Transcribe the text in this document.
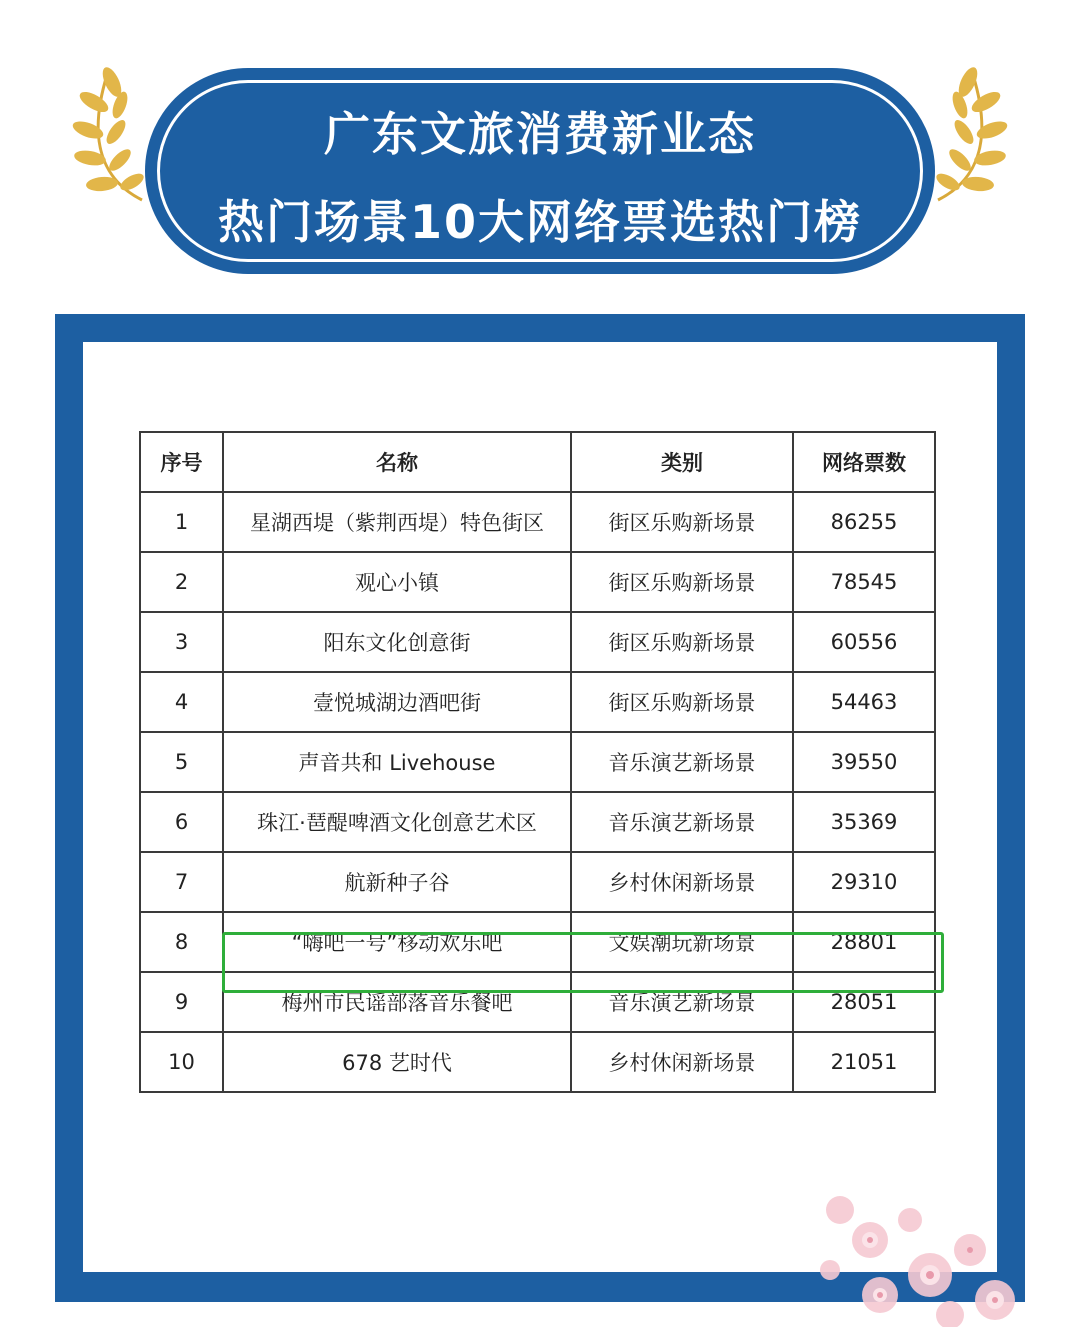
广东文旅消费新业态
热门场景10大网络票选热门榜
序号	名称	类别	网络票数
1	星湖西堤（紫荆西堤）特色街区	街区乐购新场景	86255
2	观心小镇	街区乐购新场景	78545
3	阳东文化创意街	街区乐购新场景	60556
4	壹悦城湖边酒吧街	街区乐购新场景	54463
5	声音共和 Livehouse	音乐演艺新场景	39550
6	珠江·琶醍啤酒文化创意艺术区	音乐演艺新场景	35369
7	航新种子谷	乡村休闲新场景	29310
8	“嗨吧一号”移动欢乐吧	文娱潮玩新场景	28801
9	梅州市民谣部落音乐餐吧	音乐演艺新场景	28051
10	678 艺时代	乡村休闲新场景	21051
